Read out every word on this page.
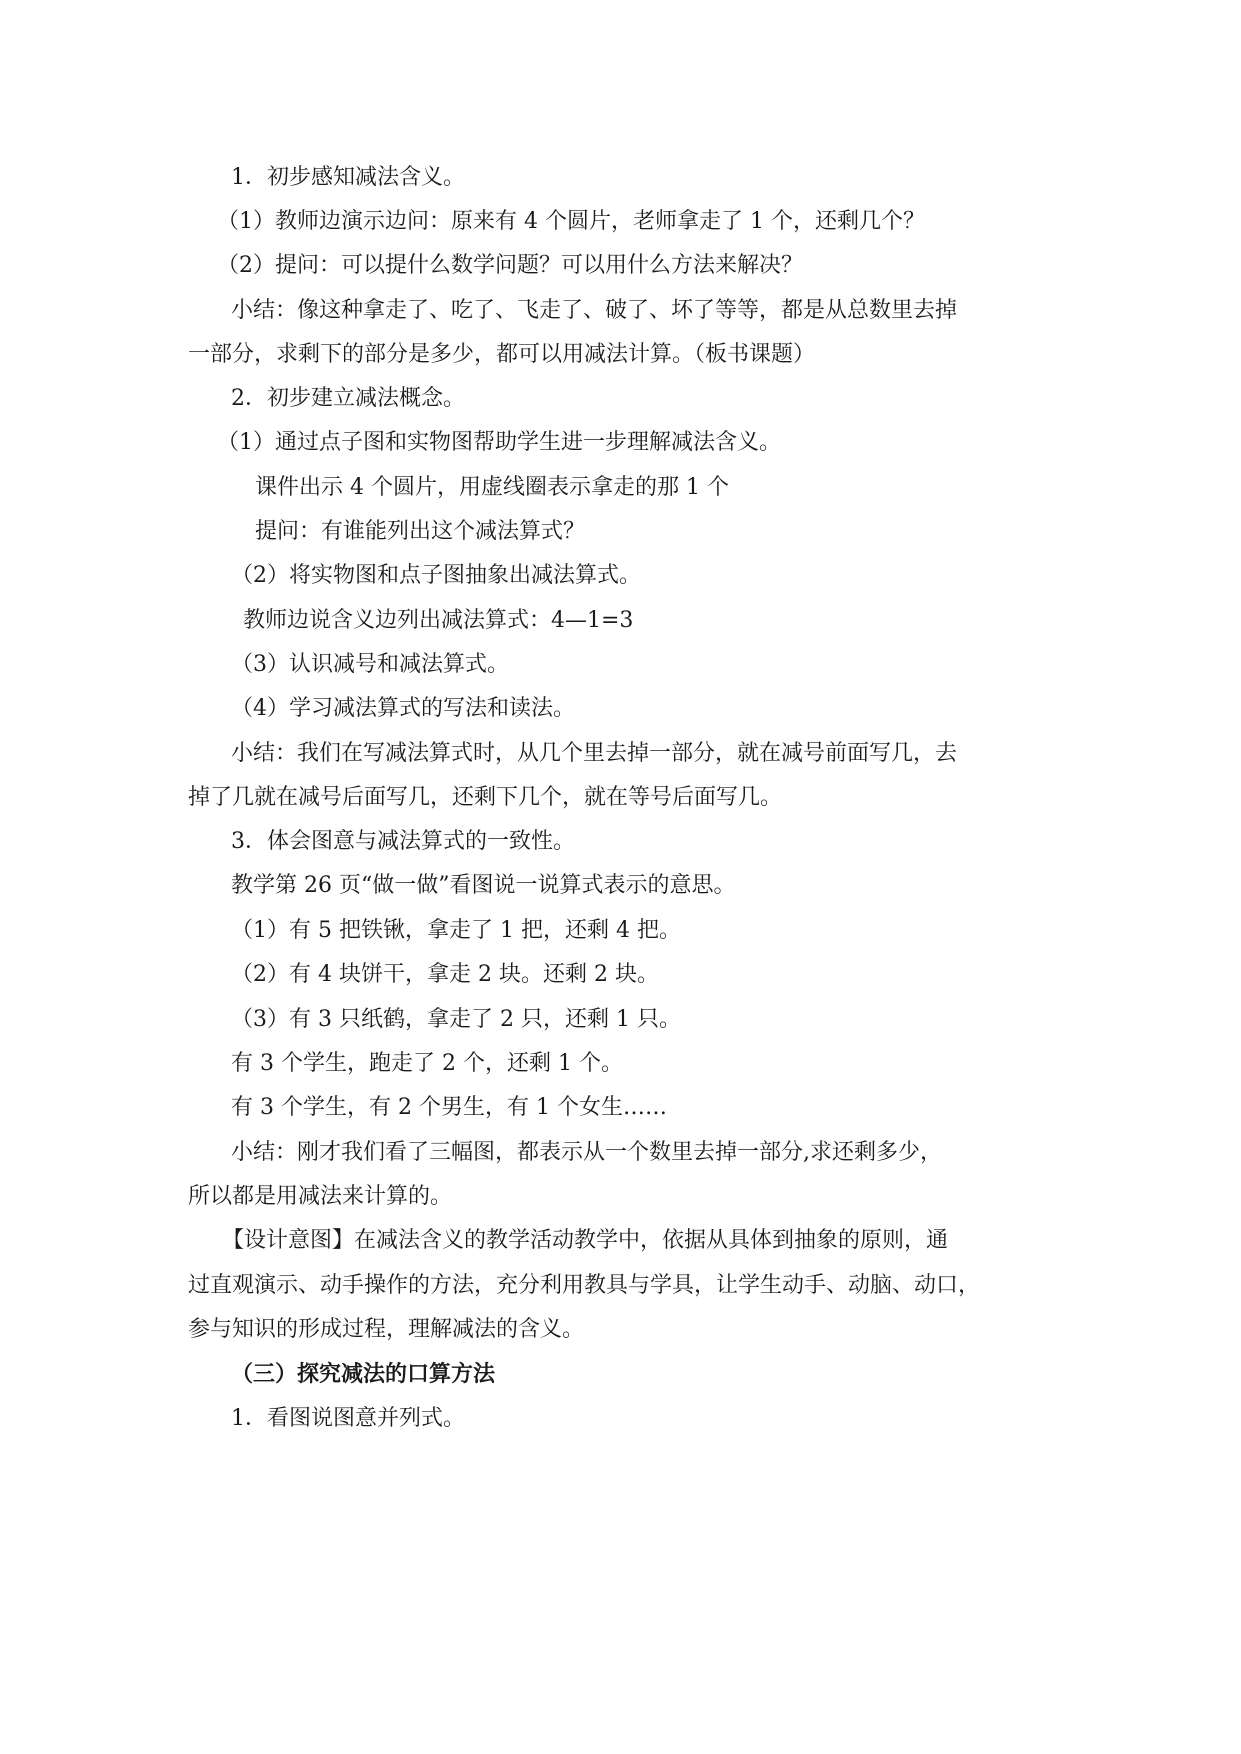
1．初步感知减法含义。
（1）教师边演示边问：原来有 4 个圆片，老师拿走了 1 个，还剩几个？
（2）提问：可以提什么数学问题？可以用什么方法来解决？
小结：像这种拿走了、吃了、飞走了、破了、坏了等等，都是从总数里去掉
一部分，求剩下的部分是多少，都可以用减法计算。（板书课题）
2．初步建立减法概念。
（1）通过点子图和实物图帮助学生进一步理解减法含义。
课件出示 4 个圆片，用虚线圈表示拿走的那 1 个
提问：有谁能列出这个减法算式？
（2）将实物图和点子图抽象出减法算式。
教师边说含义边列出减法算式：4—1=3
（3）认识减号和减法算式。
（4）学习减法算式的写法和读法。
小结：我们在写减法算式时，从几个里去掉一部分，就在减号前面写几，去
掉了几就在减号后面写几，还剩下几个，就在等号后面写几。
3．体会图意与减法算式的一致性。
教学第 26 页“做一做”看图说一说算式表示的意思。
（1）有 5 把铁锹，拿走了 1 把，还剩 4 把。
（2）有 4 块饼干，拿走 2 块。还剩 2 块。
（3）有 3 只纸鹤，拿走了 2 只，还剩 1 只。
有 3 个学生，跑走了 2 个，还剩 1 个。
有 3 个学生，有 2 个男生，有 1 个女生……
小结：刚才我们看了三幅图，都表示从一个数里去掉一部分,求还剩多少，
所以都是用减法来计算的。
【设计意图】在减法含义的教学活动教学中，依据从具体到抽象的原则，通
过直观演示、动手操作的方法，充分利用教具与学具，让学生动手、动脑、动口，
参与知识的形成过程，理解减法的含义。
（三）探究减法的口算方法
1．看图说图意并列式。
